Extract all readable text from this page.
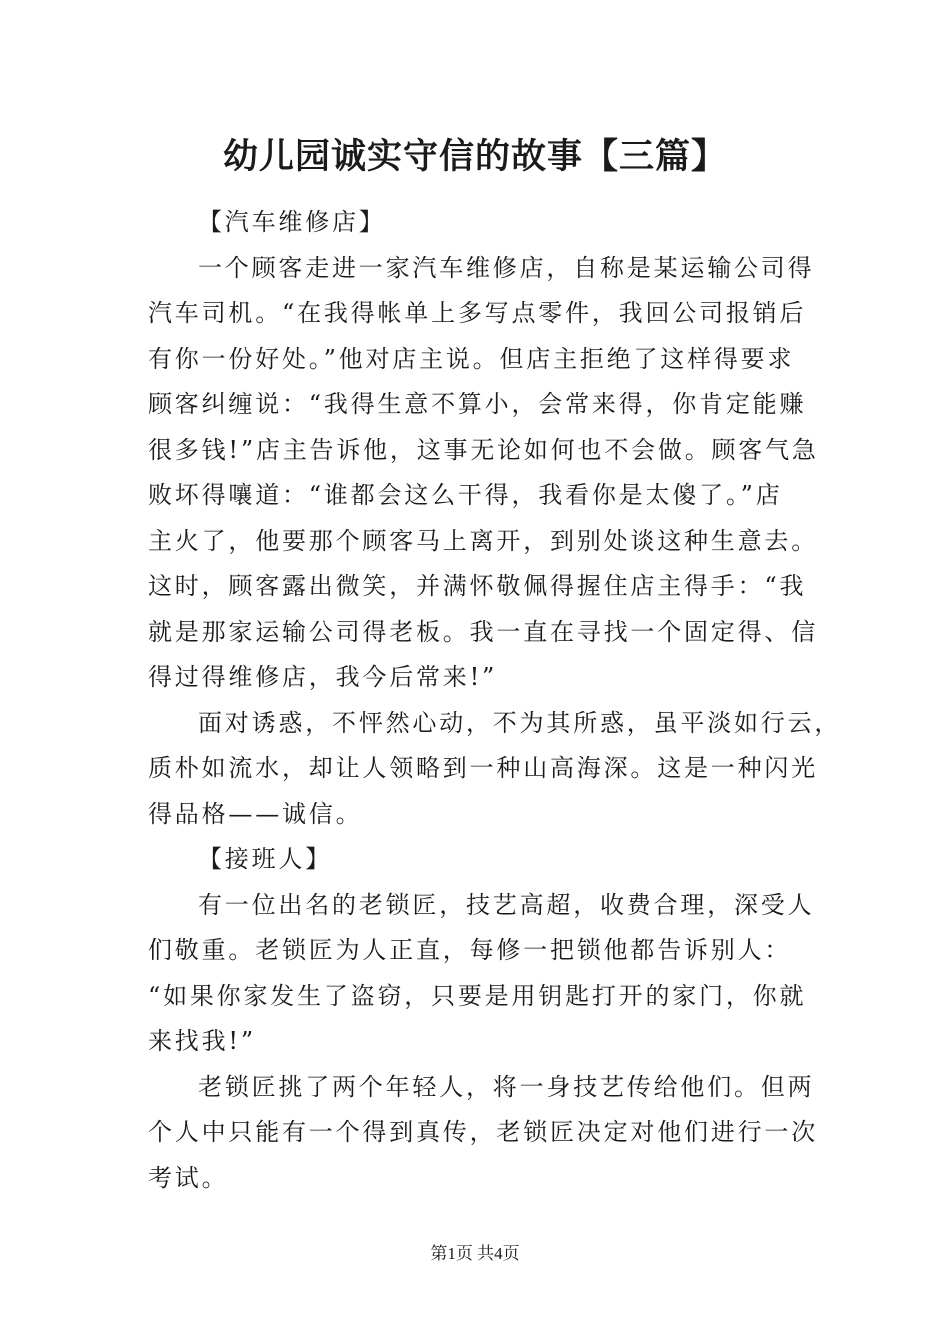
幼儿园诚实守信的故事【三篇】
【汽车维修店】
一个顾客走进一家汽车维修店，自称是某运输公司得
汽车司机。“在我得帐单上多写点零件，我回公司报销后
有你一份好处。”他对店主说。但店主拒绝了这样得要求
顾客纠缠说：“我得生意不算小，会常来得，你肯定能赚
很多钱!”店主告诉他，这事无论如何也不会做。顾客气急
败坏得嚷道：“谁都会这么干得，我看你是太傻了。”店
主火了，他要那个顾客马上离开，到别处谈这种生意去。
这时，顾客露出微笑，并满怀敬佩得握住店主得手：“我
就是那家运输公司得老板。我一直在寻找一个固定得、信
得过得维修店，我今后常来!”
面对诱惑，不怦然心动，不为其所惑，虽平淡如行云，
质朴如流水，却让人领略到一种山高海深。这是一种闪光
得品格——诚信。
【接班人】
有一位出名的老锁匠，技艺高超，收费合理，深受人
们敬重。老锁匠为人正直，每修一把锁他都告诉别人：
“如果你家发生了盗窃，只要是用钥匙打开的家门，你就
来找我!”
老锁匠挑了两个年轻人，将一身技艺传给他们。但两
个人中只能有一个得到真传，老锁匠决定对他们进行一次
考试。
第1页 共4页
